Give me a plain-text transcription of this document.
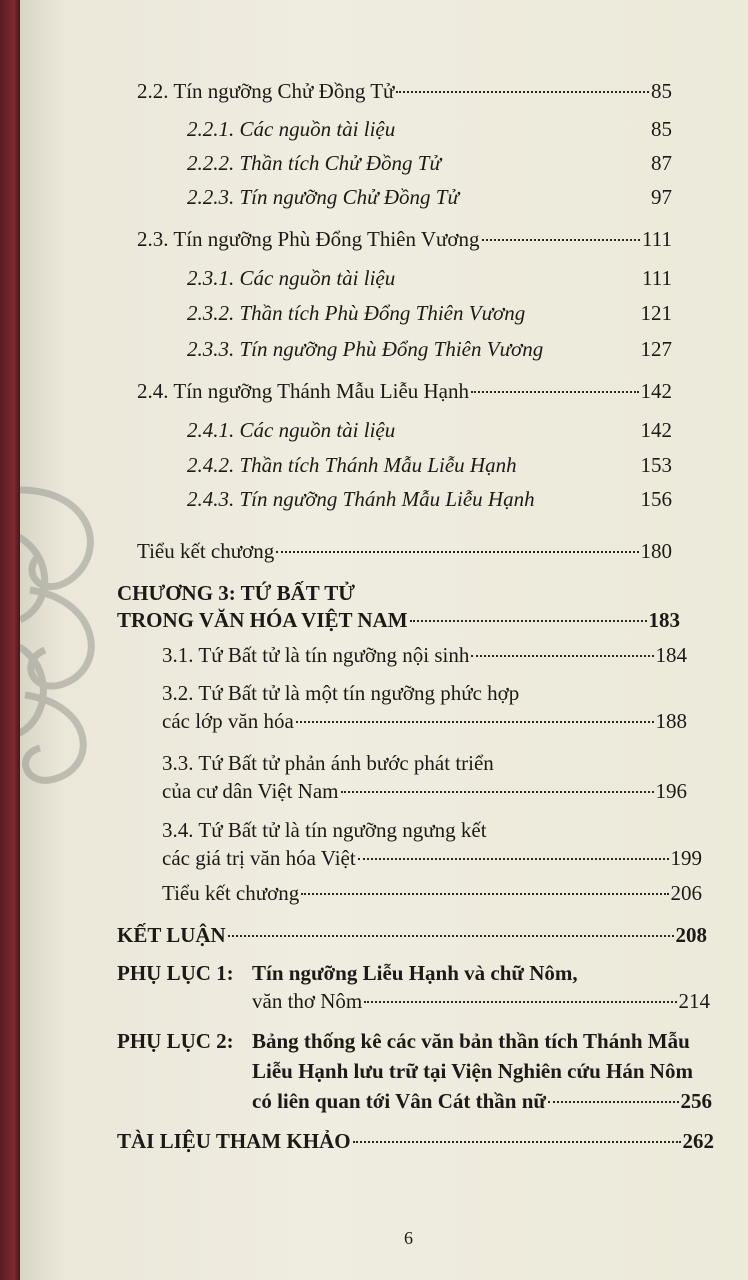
2.2. Tín ngưỡng Chử Đồng Tử	85
2.2.1. Các nguồn tài liệu	85
2.2.2. Thần tích Chử Đồng Tử	87
2.2.3. Tín ngưỡng Chử Đồng Tử	97
2.3. Tín ngưỡng Phù Đổng Thiên Vương	111
2.3.1. Các nguồn tài liệu	111
2.3.2. Thần tích Phù Đổng Thiên Vương	121
2.3.3. Tín ngưỡng Phù Đổng Thiên Vương	127
2.4. Tín ngưỡng Thánh Mẫu Liễu Hạnh	142
2.4.1. Các nguồn tài liệu	142
2.4.2. Thần tích Thánh Mẫu Liễu Hạnh	153
2.4.3. Tín ngưỡng Thánh Mẫu Liễu Hạnh	156
Tiểu kết chương	180
CHƯƠNG 3: TỨ BẤT TỬ
TRONG VĂN HÓA VIỆT NAM	183
3.1. Tứ Bất tử là tín ngưỡng nội sinh	184
3.2. Tứ Bất tử là một tín ngưỡng phức hợp
các lớp văn hóa	188
3.3. Tứ Bất tử phản ánh bước phát triển
của cư dân Việt Nam	196
3.4. Tứ Bất tử là tín ngưỡng ngưng kết
các giá trị văn hóa Việt	199
Tiểu kết chương	206
KẾT LUẬN	208
PHỤ LỤC 1: Tín ngưỡng Liễu Hạnh và chữ Nôm,
văn thơ Nôm	214
PHỤ LỤC 2: Bảng thống kê các văn bản thần tích Thánh Mẫu
Liễu Hạnh lưu trữ tại Viện Nghiên cứu Hán Nôm
có liên quan tới Vân Cát thần nữ	256
TÀI LIỆU THAM KHẢO	262
6
